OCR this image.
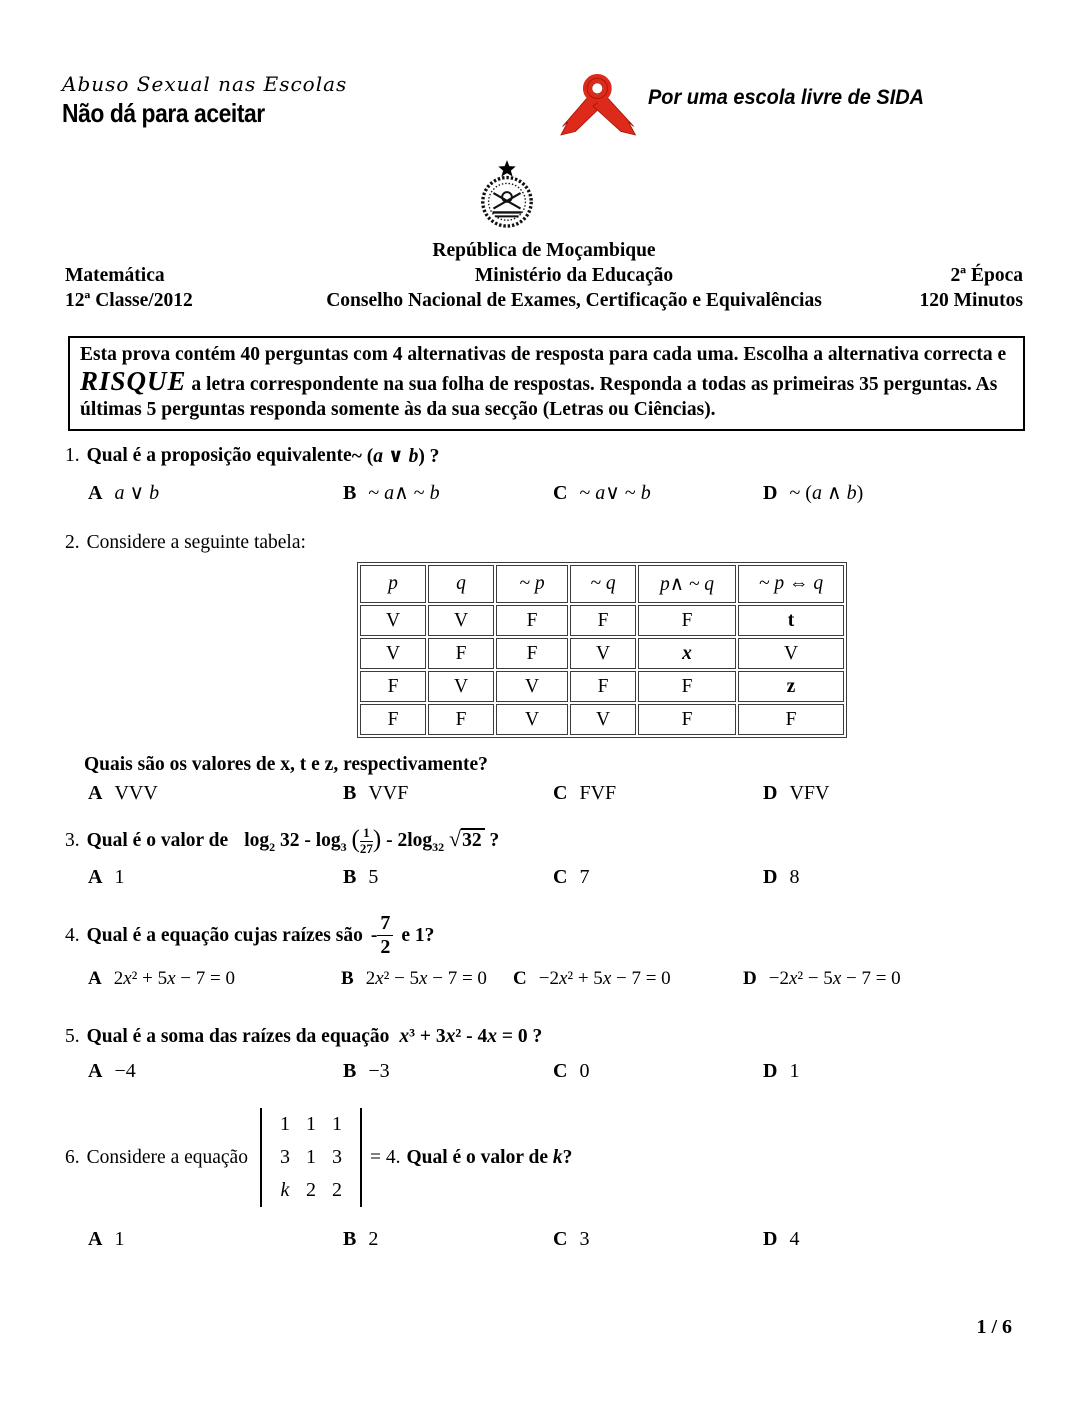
Abuso Sexual nas Escolas
Não dá para aceitar
Por uma escola livre de SIDA
República de Moçambique
Matemática	Ministério da Educação	2ª Época
12ª Classe/2012	Conselho Nacional de Exames, Certificação e Equivalências	120 Minutos
Esta prova contém 40 perguntas com 4 alternativas de resposta para cada uma. Escolha a alternativa correcta e RISQUE a letra correspondente na sua folha de respostas. Responda a todas as primeiras 35 perguntas. As últimas 5 perguntas responda somente às da sua secção (Letras ou Ciências).
1. Qual é a proposição equivalente ~ (a ∨ b) ?
A a ∨ b	B ~ a∧ ~ b	C ~ a∨ ~ b	D ~ (a ∧ b)
2. Considere a seguinte tabela:
p	q	~ p	~ q	p∧ ~ q	~ p ⇔ q
V	V	F	F	F	t
V	F	F	V	x	V
F	V	V	F	F	z
F	F	V	V	F	F
Quais são os valores de x, t e z, respectivamente?
A VVV	B VVF	C FVF	D VFV
3. Qual é o valor de $\log_2 32 - \log_3$ ( $\frac{1}{27}$ ) - $2\log_{32}$ √32 ?
A 1	B 5	C 7	D 8
4. Qual é a equação cujas raízes são - $\frac{7}{2}$ e 1?
A 2x² + 5x − 7 = 0	B 2x² − 5x − 7 = 0	C −2x² + 5x − 7 = 0	D −2x² − 5x − 7 = 0
5. Qual é a soma das raízes da equação x³ + 3x² - 4x = 0 ?
A −4	B −3	C 0	D 1
6. Considere a equação
1 1 1
3 1 3
k 2 2
= 4 . Qual é o valor de k?
A 1	B 2	C 3	D 4
1 / 6
